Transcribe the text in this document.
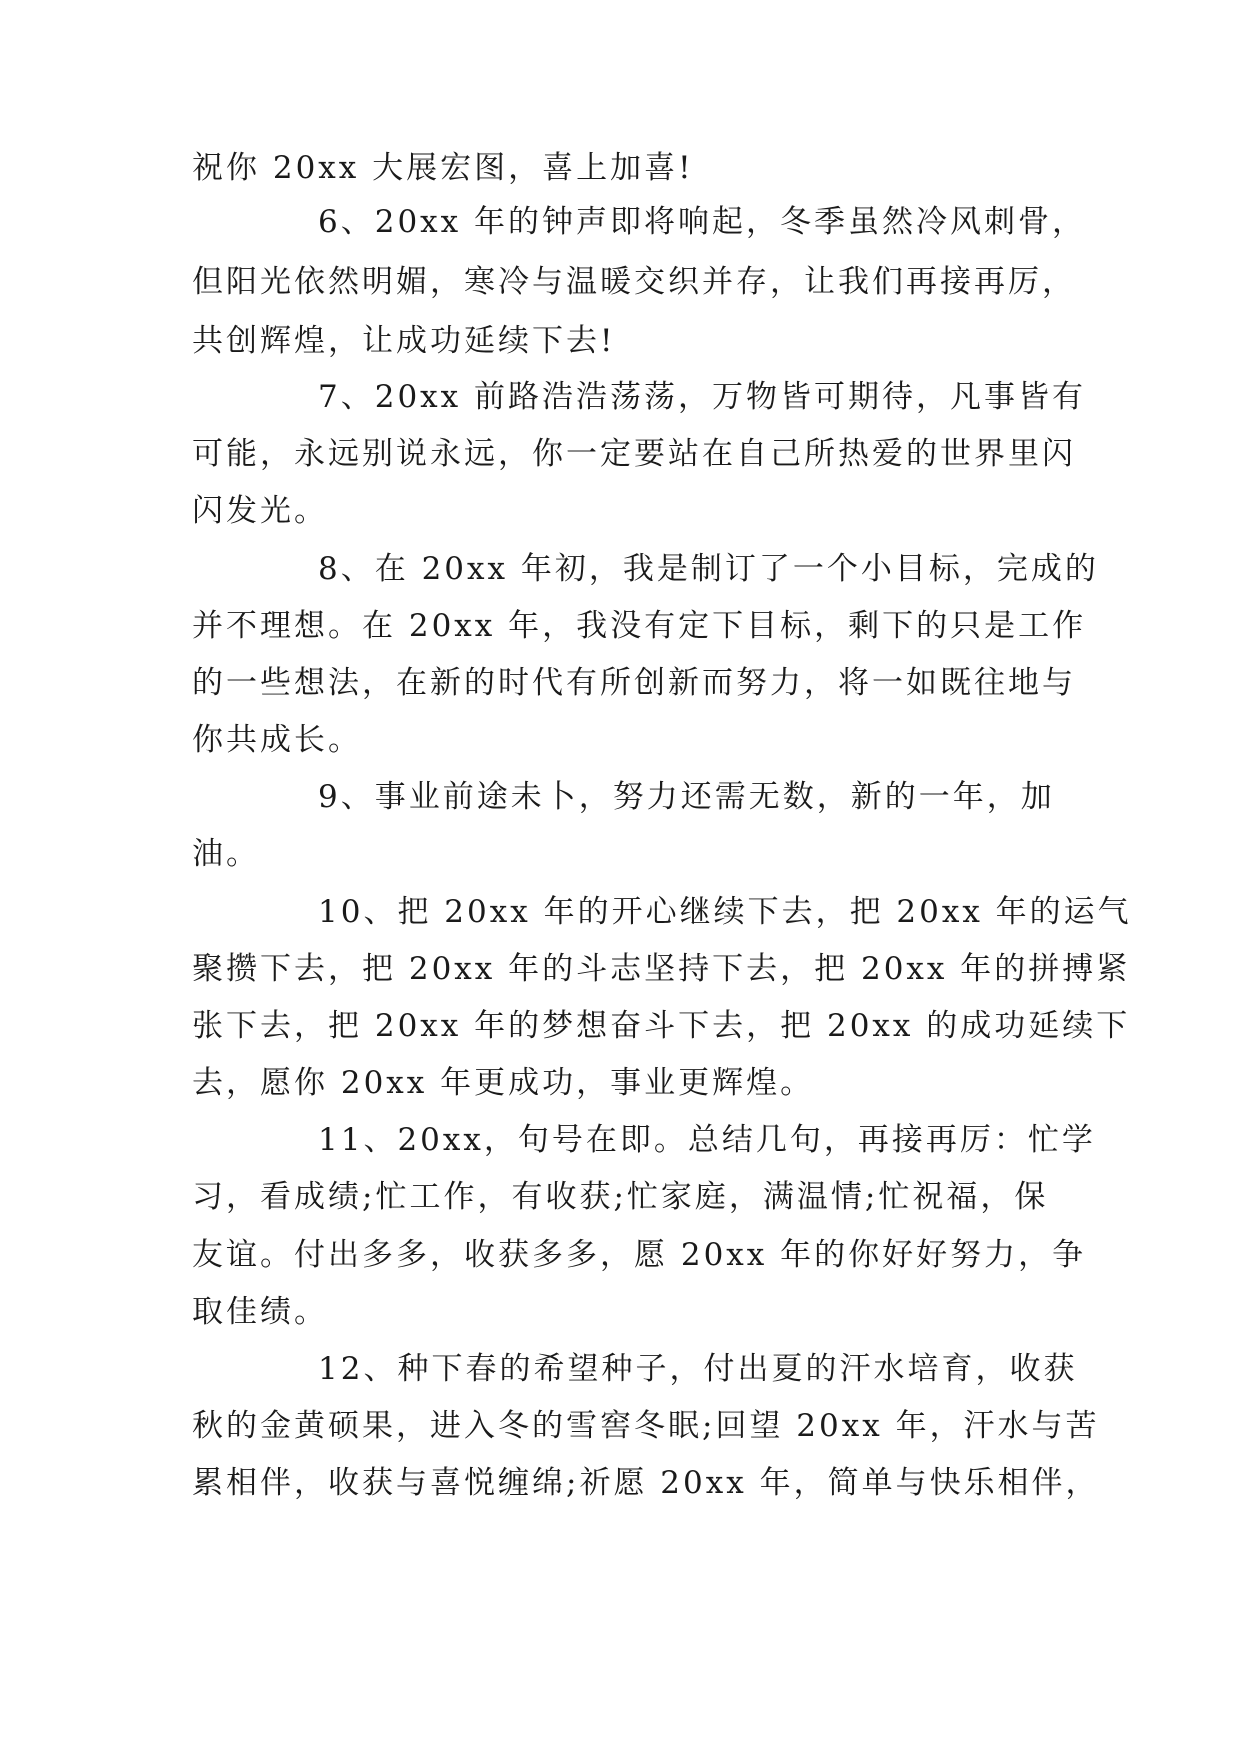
祝你 20xx 大展宏图，喜上加喜!
6、20xx 年的钟声即将响起，冬季虽然冷风刺骨，
但阳光依然明媚，寒冷与温暖交织并存，让我们再接再厉，
共创辉煌，让成功延续下去!
7、20xx 前路浩浩荡荡，万物皆可期待，凡事皆有
可能，永远别说永远，你一定要站在自己所热爱的世界里闪
闪发光。
8、在 20xx 年初，我是制订了一个小目标，完成的
并不理想。在 20xx 年，我没有定下目标，剩下的只是工作
的一些想法，在新的时代有所创新而努力，将一如既往地与
你共成长。
9、事业前途未卜，努力还需无数，新的一年，加
油。
10、把 20xx 年的开心继续下去，把 20xx 年的运气
聚攒下去，把 20xx 年的斗志坚持下去，把 20xx 年的拼搏紧
张下去，把 20xx 年的梦想奋斗下去，把 20xx 的成功延续下
去，愿你 20xx 年更成功，事业更辉煌。
11、20xx，句号在即。总结几句，再接再厉：忙学
习，看成绩;忙工作，有收获;忙家庭，满温情;忙祝福，保
友谊。付出多多，收获多多，愿 20xx 年的你好好努力，争
取佳绩。
12、种下春的希望种子，付出夏的汗水培育，收获
秋的金黄硕果，进入冬的雪窖冬眠;回望 20xx 年，汗水与苦
累相伴，收获与喜悦缠绵;祈愿 20xx 年，简单与快乐相伴，
